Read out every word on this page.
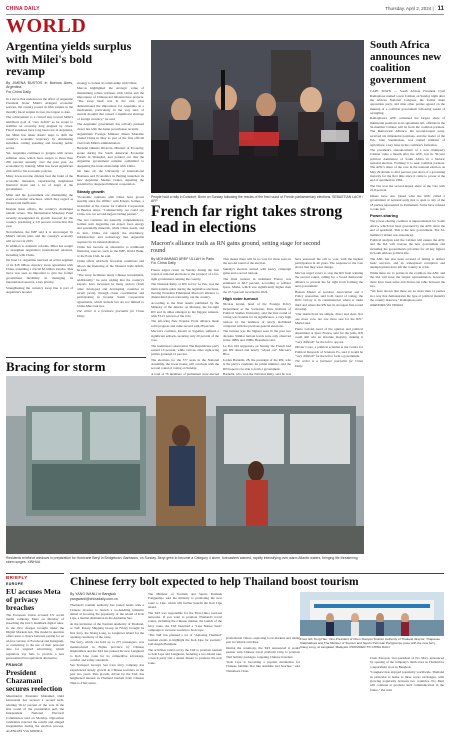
CHINA DAILY	Thursday, April 2, 2024 | 11
WORLD
Argentina yields surplus with Milei's bold revamp
By JIMENA BUSTOS in Buenos Aires, Argentina
For China Daily

In a move that underscores the effect of Argentine President Javier Milei's stringent economic policies, the country posted its fifth surplus in the monthly fiscal surplus in four, the largest to date.

The achievement is a critical step toward Milei's ambitious goal of "zero deficit" as he works to stabilize an economy long plagued by crises. Fiscal surpluses have long been rare in Argentina, but Milei has taken drastic steps to shift the country's economic trajectory by eliminating subsidies, cutting spending and freezing public works.

Yet, Argentina continues to grapple with severe inflation rates, which have surged to more than 200 percent annually over the past year. As economist by training, Milei has faced significant criticism for his economic policies.

Many lower-income citizens bear the brunt of the economic measures, experiencing heightened financial strain and a lot of anger at the government.

Milei and his government are dismantling the state's economic structures, which they regard as bloated and inefficient.

Despite these efforts, the country's challenges remain severe. The International Monetary Fund recently downgraded its growth forecast for the country, predicting a 2.8 percent contraction this year.

Nevertheless, the IMF said it is encouraged by Milei's reform plan, and the country's economy will recover in 2025.

In addition to domestic reforms, Milei has sought to strengthen Argentina's international relations, including with China.

On June 12, Argentina renewed an active segment of its $18 billion currency swap agreement with China, extending a crucial $5 billion tranche. This move was seen as important to give the former government flexibility in managing its international reserves, a key priority.

Strengthening the currency swap line is part of Argentina's broader

strategy to bolster its relationship with China.

Marcos highlighted the strategic value of maintaining robust relations with China and the importance of Chinese-led infrastructure projects. "The swap itself was in the vast, plus demonstrated the importance for Argentina as a mechanism, particularly in the way said, of current drought that caused a significant shortage of foreign currency," he said.

The Argentine government has actively pursued closer ties with the Asian powerhouse recently.

Argentinian Foreign Minister Diana Mondino visited China in May as part of the first official visit from Milei's administration.

Bernabé Olmedo Rivarola, Minister of Economy, spoke during the South American Economic Forum in Shanghai, and pointed out that the Argentine government remains committed to deepening the trade relationship with China.

On June 19, the University of International Business and Economics in Beijing launched its new Argentine Studies Center, signaling the potential for deepened bilateral cooperation.

Steady growth

"Economic relations with China have grown steadily since the 2000s," said Ernesto Gómez, a researcher at the Center for Cultural Cooperation in Buenos Aires. "Commercially, we could say China was our second-largest trading partner."

The two countries are naturally complementary, Gómez said. Argentina can export food, energy and potentially minerals, while China needs, and in turn, China can supply the machinery, infrastructure and technology that Argentina requires for its industrialization.

China has become an alternative to traditional financing sources, such as the IMF, World Bank, or the Paris Club, he said.

China offers relatively favorable conditions and allows the financing of the bilateral trade deficit, he said.

"The swap facilitates many Chinese investments, additionally," he said, adding that the country's exports have increased in many sectors (from other developed and developing countries in recent years), through closer coordination and participating in broader South cooperation agreements, which include but are not limited to China-Mercosur ties.

The writer is a freelance journalist for China Daily.

People hold a rally in Duisdorf, Bonn on Sunday following the results of the first round of French parliamentary elections. SEBASTIAN LACH / AFP
French far right takes strong lead in elections
Macron's alliance trails as RN gains ground, setting stage for second round
By MOHAMMAD AREF ULLAH in Paris
For China Daily

France edged closer on Sunday during the first round of national elections to the prospect of a far-right government running the country.

The National Rally, or RN, led by Le Pen, was the main notable gains during the legislative elections, moving President Emmanuel Macron's alliance to distant third place nationally, ran the country.

According to the final results published by the Ministry of the Interior on Monday, the far-right RN and its allies emerged as the biggest winners, with 33.15 percent of the vote.

The left-wing New Popular Front alliance made solid progress and came second with 28 percent.

Macron's coalition, known as Together, suffered a significant setback, securing only 20 percent of the vote.

The traditional conservative The Republicans party earned 10 percent, while various other right-wing parties garnered 12 percent.

The elections for the 577 seats in the National Assembly, the lower house, will conclude with the second round of voting on Sunday.

A total of 76 members of parliament were elected

This means there will be no vote for those seats in the second round of the election.

Sunday's election started with heavy campaign gains and a record turnout.

The final turnout in mainland France was estimated at 66.7 percent, according to pollster Ipsos. Misha, which was significantly higher than the 47.5 percent recorded in 2022.

High voter turnout

Nicolas Grand, head of the Foreign Policy Department at the Sorbonne, Paris Institute of Political Studies University, said the first round of voting was notable for its significance, a very high turnout by the numbers of newly mobilized compared with the previous general elections.

The turnout was the highest seen in the past two decades. Similar turnout levels were only observed in the 1980s and 1990s, Beaumont said.

Le Pen told supporters on Sunday the French had put RN ahead and nearly "wiped out" Macron's Bloc.

Jordan Bardella, 28, the president of the RN, who is the party's candidate for prime minister, said the RN hoped to be able to form a government.

Bardella, who won the National Rally, said he was

have answered the call to vote, with the highest participation in 40 years. The response to the vote shows that they want change.

Macron urged voters to stop the RN from winning the second round, calling for a broad democratic alliance to prevent the far right from forming the next government.

Hassan Mariel of Gardoni, Association and a Policy researcher, said both round of voting, the RN's victory is in constituencies where it ranks third and where the RN has its strongest first-round showing.

"Our instructions are simple, direct and clear. Not one more vote, not one more seat for the RN," Mariel said.

Pierre Lafond, head of the opinion and political department at Ipsos France, said for the polls, RN could still win an absolute majority, making it "very difficult" for the left to oppose.

Olivier Costa, a political scientist at the Centre for Political Research of Sciences Po, said it would be "very difficult" for the left to form a government.

The writer is a freelance journalist for China Daily.

South Africa announces new coalition government

CAPE TOWN — South African President Cyril Ramaphosa named a new Cabinet on Sunday night after the African National Congress, the former main opposition party, and nine other parties agreed on the makeup of a coalition government following weeks of wrangling.

Ramaphosa's ANC remained the largest share of ministerial positions as its agreement left, officials in the 32-member Cabinet will be from the coalition partners. The Democratic Alliance, the second-largest party, received six ministerial positions, and the leader of the DA, John Steenhuisen, was named minister of agriculture, a key issue in the coalition's formation.

The president's announcement of a new multiparty Cabinet came a month after the ANC lost its 30-year political dominance of South Africa in a historic national election. Forming it to seek coalition partners. The ANC's share of the vote in the national election on May 29 shrank to 40.2 percent, just short of a governing majority for the first time since it came to power at the end of apartheid in 1994.

The DA won the second-largest share of the vote with 21.8 percent.

Others have also joined what the ANC called a government of national unity that is open to any of the 18 parties represented in Parliament. Some have refused to take part.

Power-sharing

The power-sharing coalition is unprecedented for South Africa, which has been governed by the ANC since the end of apartheid. This is the new government. The 32-member Cabinet was announced.

Political analysts said the Cabinet will ensure the ANC and the DA will oversee the new government and including the government's priorities for all key figures in South African political life.

The ANC has also been accused of failing to deliver basic services, and its widespread corruption and unemployment have left the country in crisis.

While there are 11 parties in the coalition, the ANC and the DA will have the largest representation, however, there have been tense and drawn-out talks between the two.

"We have shown that there are no more than 11 parties in a way that demonstrates the type of political maturity the country deserves," Ramaphosa said.

AGENCIES VIA XINHUA

Bracing for storm
Residents reinforce windows in preparation for Hurricane Beryl in Bridgetown, Barbados, on Sunday. Beryl grew to become a Category 4 storm, forecasters warned, rapidly intensifying over warm Atlantic waters, bringing life-threatening storm surges. XINHUA
BRIEFLY
EUROPE
EU accuses Meta of privacy breaches
The European Union accused US social media company Meta on Monday of breaching the bloc's landmark digital rules, in the first charges brought under the Digital Markets Act. The model in question offers users a choice between paying for an ad-free version of Facebook and Instagram, or consenting to the use of their personal data for targeted advertising, which regulators say fails to provide a less personalized but equivalent alternative.
FRANCE
President Chazamani secures reelection
Mauritania's President Mohamed Ould Ghazouani has secured a second term, winning 56.12 percent of the vote in the first round of the presidential poll, the Independent National Electoral Commission said on Monday. Opposition candidates rejected the results and alleged irregularities during the election process. AGENCIES VIA XINHUA
Chinese ferry bolt expected to help Thailand boost tourism
By YANG WANLI in Bangkok
yangwanli@chinadaily.com.cn

Thailand's tourism authority has joined hands with a Chinese investor to launch a no-handling initiative aimed at boosting the popularity of the island of Koh Lipe, a marine destination in the Andaman Sea.

At the invitation of the Tourism Authority of Thailand, or TAT, Rotary Shipping Group on Friday brought its first ferry, the Xiang Long, to Langkawi island for the opening ceremony of the route.

The ferry, which can hold up to 275 passengers, was manufactured in Fujian province by Chinese shipbuilders and the TAT has praised the new Langkawi to Koh Lipe route for its competitive advantage, comfort and safety standards.

Sea Transport Group's Sea Lion ferry company has experienced steady growth in Chinese travelers in the past two years. This growth, driven by the TAT, has heightened interest in Thailand tourism from Chinese Thai-to-Thai routes.

The Minister of Tourism and Sports Permsak Pongpumpo said the ministry is promoting the new route to Lipe, which will further benefit the Koh Lipe island.

The TAT was responsible for the Thai-China road-sea networks. If you want to promote Thailand's travel routes, including the Chinese market, the launch of the ferry route, the TAT launched a "Lipe Nature Seek" campaign to increase tourism to Koh Lipe.

"The TAT has planned a lot of "Amazing Thailand" tourism events to highlight the Koh Lipe for tourism," said Angela Bangkok.

The activities rolled out by the TAT to promote tourism to Koh Lipe and Langkawi, featuring a two-island tour, a beach party and a sunset dinner to promote the new route.

promotional videos, exploring local markets and taking part in cultural activities.

During the ceremony, the TAT announced it would partner with Chinese travel platform Ctrip to promote Thai holiday packages, targeting Chinese travelers.

"Koh Lipe is becoming a popular destination for Chinese families that like sunshine and beaches," said Thanakorn Chan.

From left: Tong Hao, Vice-President of Chen Xiaoyan Tourism Authority of Thailand director; Thapanee Kiatphaibool and Tha Minister of Tourism and Sports Permsak Pongpumpo pose with the new ferry, Xiang Long, at Langkawi, Malaysia. PROVIDED TO CHINA DAILY

Chen Xiaoyan, vice-president of Pro Mart, announced by opening of the company's ninth store in Thailand in a department store in Bangkok.

"Langkawi has enjoyed popularity worldwide. Thailand in particular is home to three resort exchanges, with growing popularity between two countries. Pro Mart will continue to promote such communication in the future," she said.
